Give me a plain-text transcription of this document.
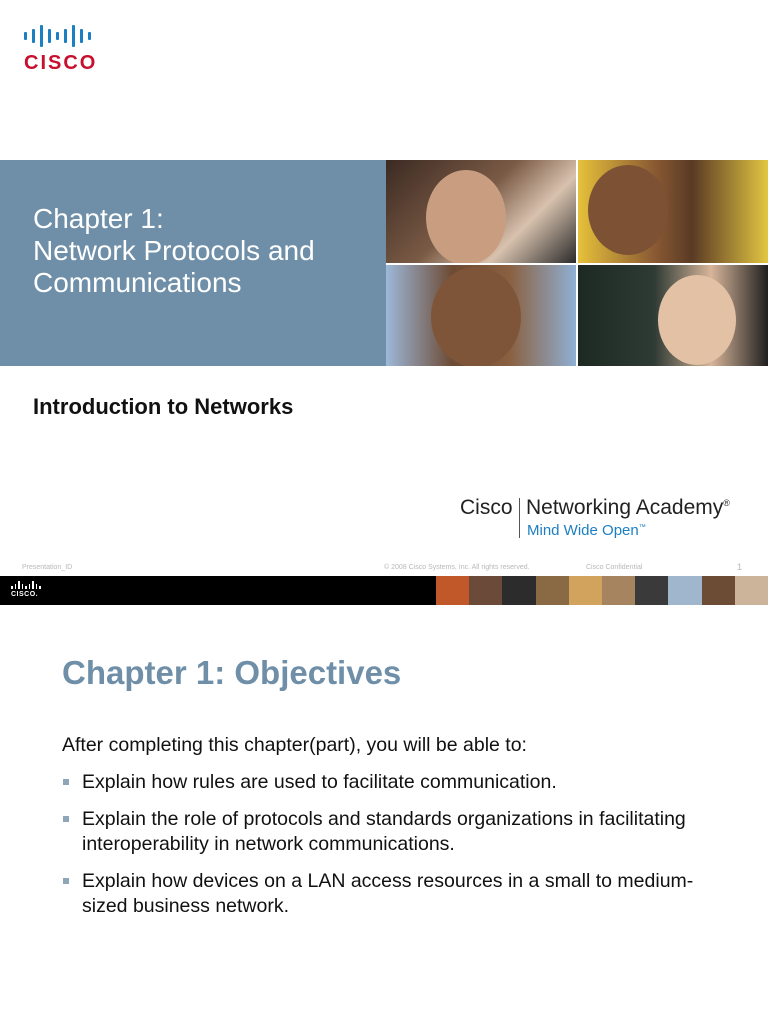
CISCO
Chapter 1:
Network Protocols and
Communications
Introduction to Networks
Cisco Networking Academy®
Mind Wide Open™
Presentation_ID	© 2008 Cisco Systems, Inc. All rights reserved.	Cisco Confidential	1
CISCO.
Chapter 1: Objectives
After completing this chapter(part), you will be able to:
Explain how rules are used to facilitate communication.
Explain the role of protocols and standards organizations in facilitating interoperability in network communications.
Explain how devices on a LAN access resources in a small to medium-sized business network.
